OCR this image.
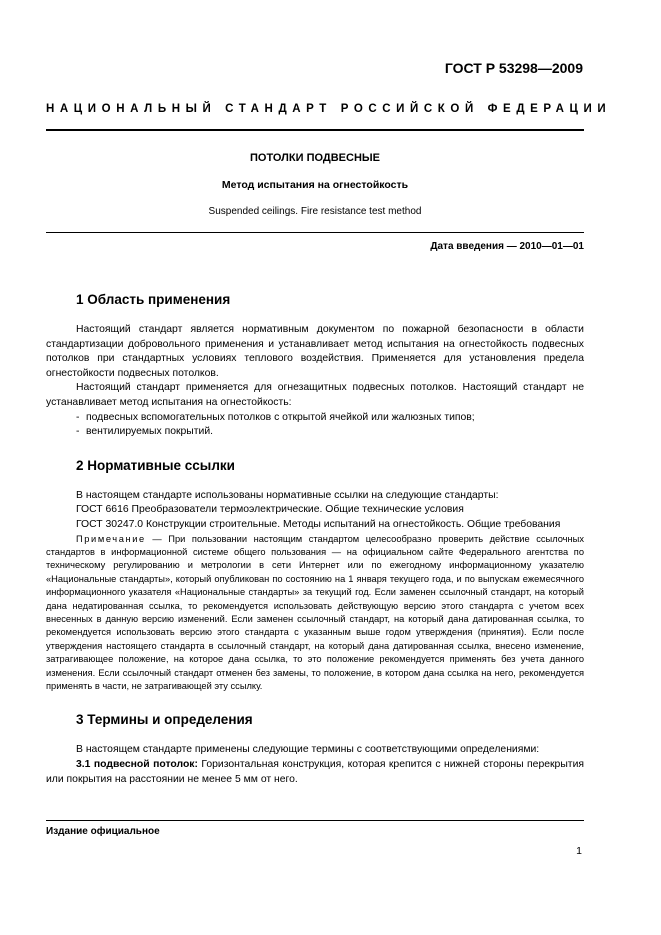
ГОСТ Р 53298—2009
НАЦИОНАЛЬНЫЙ СТАНДАРТ РОССИЙСКОЙ ФЕДЕРАЦИИ
ПОТОЛКИ ПОДВЕСНЫЕ
Метод испытания на огнестойкость
Suspended ceilings. Fire resistance test method
Дата введения — 2010—01—01
1 Область применения

Настоящий стандарт является нормативным документом по пожарной безопасности в области стандартизации добровольного применения и устанавливает метод испытания на огнестойкость подвесных потолков при стандартных условиях теплового воздействия. Применяется для установления предела огнестойкости подвесных потолков.

Настоящий стандарт применяется для огнезащитных подвесных потолков. Настоящий стандарт не устанавливает метод испытания на огнестойкость:

- подвесных вспомогательных потолков с открытой ячейкой или жалюзных типов;
- вентилируемых покрытий.
2 Нормативные ссылки

В настоящем стандарте использованы нормативные ссылки на следующие стандарты:

ГОСТ 6616 Преобразователи термоэлектрические. Общие технические условия

ГОСТ 30247.0 Конструкции строительные. Методы испытаний на огнестойкость. Общие требования

Примечание — При пользовании настоящим стандартом целесообразно проверить действие ссылочных стандартов в информационной системе общего пользования — на официальном сайте Федерального агентства по техническому регулированию и метрологии в сети Интернет или по ежегодному информационному указателю «Национальные стандарты», который опубликован по состоянию на 1 января текущего года, и по выпускам ежемесячного информационного указателя «Национальные стандарты» за текущий год. Если заменен ссылочный стандарт, на который дана недатированная ссылка, то рекомендуется использовать действующую версию этого стандарта с учетом всех внесенных в данную версию изменений. Если заменен ссылочный стандарт, на который дана датированная ссылка, то рекомендуется использовать версию этого стандарта с указанным выше годом утверждения (принятия). Если после утверждения настоящего стандарта в ссылочный стандарт, на который дана датированная ссылка, внесено изменение, затрагивающее положение, на которое дана ссылка, то это положение рекомендуется применять без учета данного изменения. Если ссылочный стандарт отменен без замены, то положение, в котором дана ссылка на него, рекомендуется применять в части, не затрагивающей эту ссылку.

3 Термины и определения

В настоящем стандарте применены следующие термины с соответствующими определениями:

3.1 подвесной потолок: Горизонтальная конструкция, которая крепится с нижней стороны перекрытия или покрытия на расстоянии не менее 5 мм от него.

Издание официальное
1
